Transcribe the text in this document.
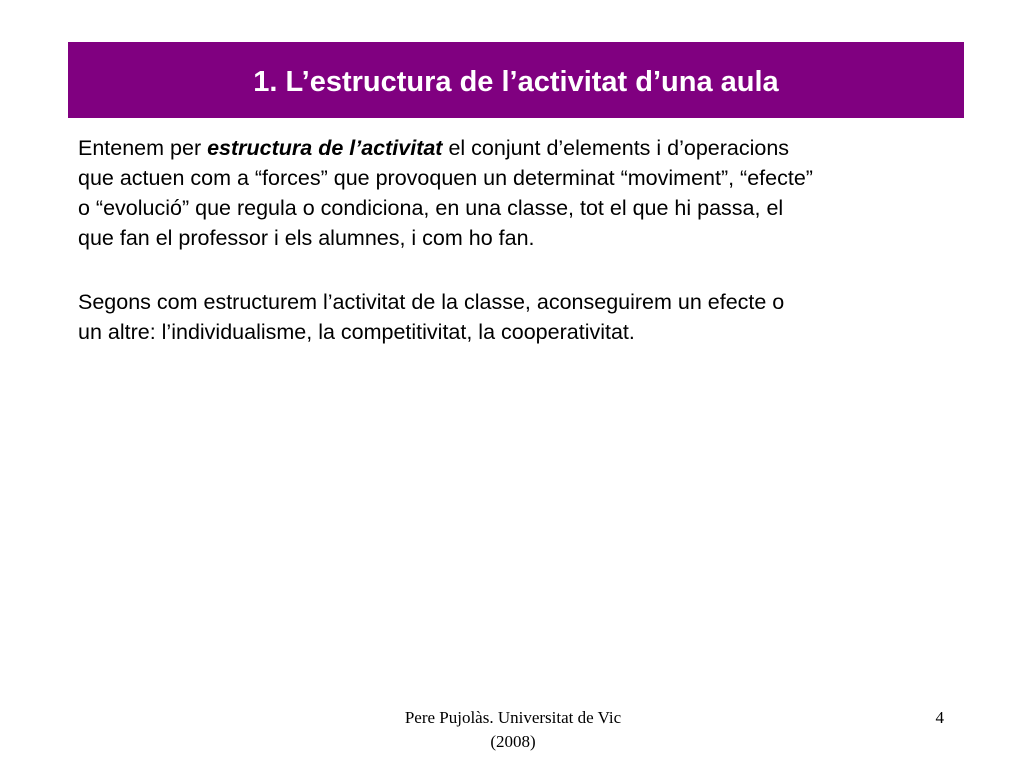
1. L’estructura de l’activitat d’una aula

Entenem per estructura de l’activitat el conjunt d’elements i d’operacions
que actuen com a “forces” que provoquen un determinat “moviment”, “efecte”
o “evolució” que regula o condiciona, en una classe, tot el que hi passa, el
que fan el professor i els alumnes, i com ho fan.

Segons com estructurem l’activitat de la classe, aconseguirem un efecte o
un altre: l’individualisme, la competitivitat, la cooperativitat.

Pere Pujolàs. Universitat de Vic
(2008)
4
